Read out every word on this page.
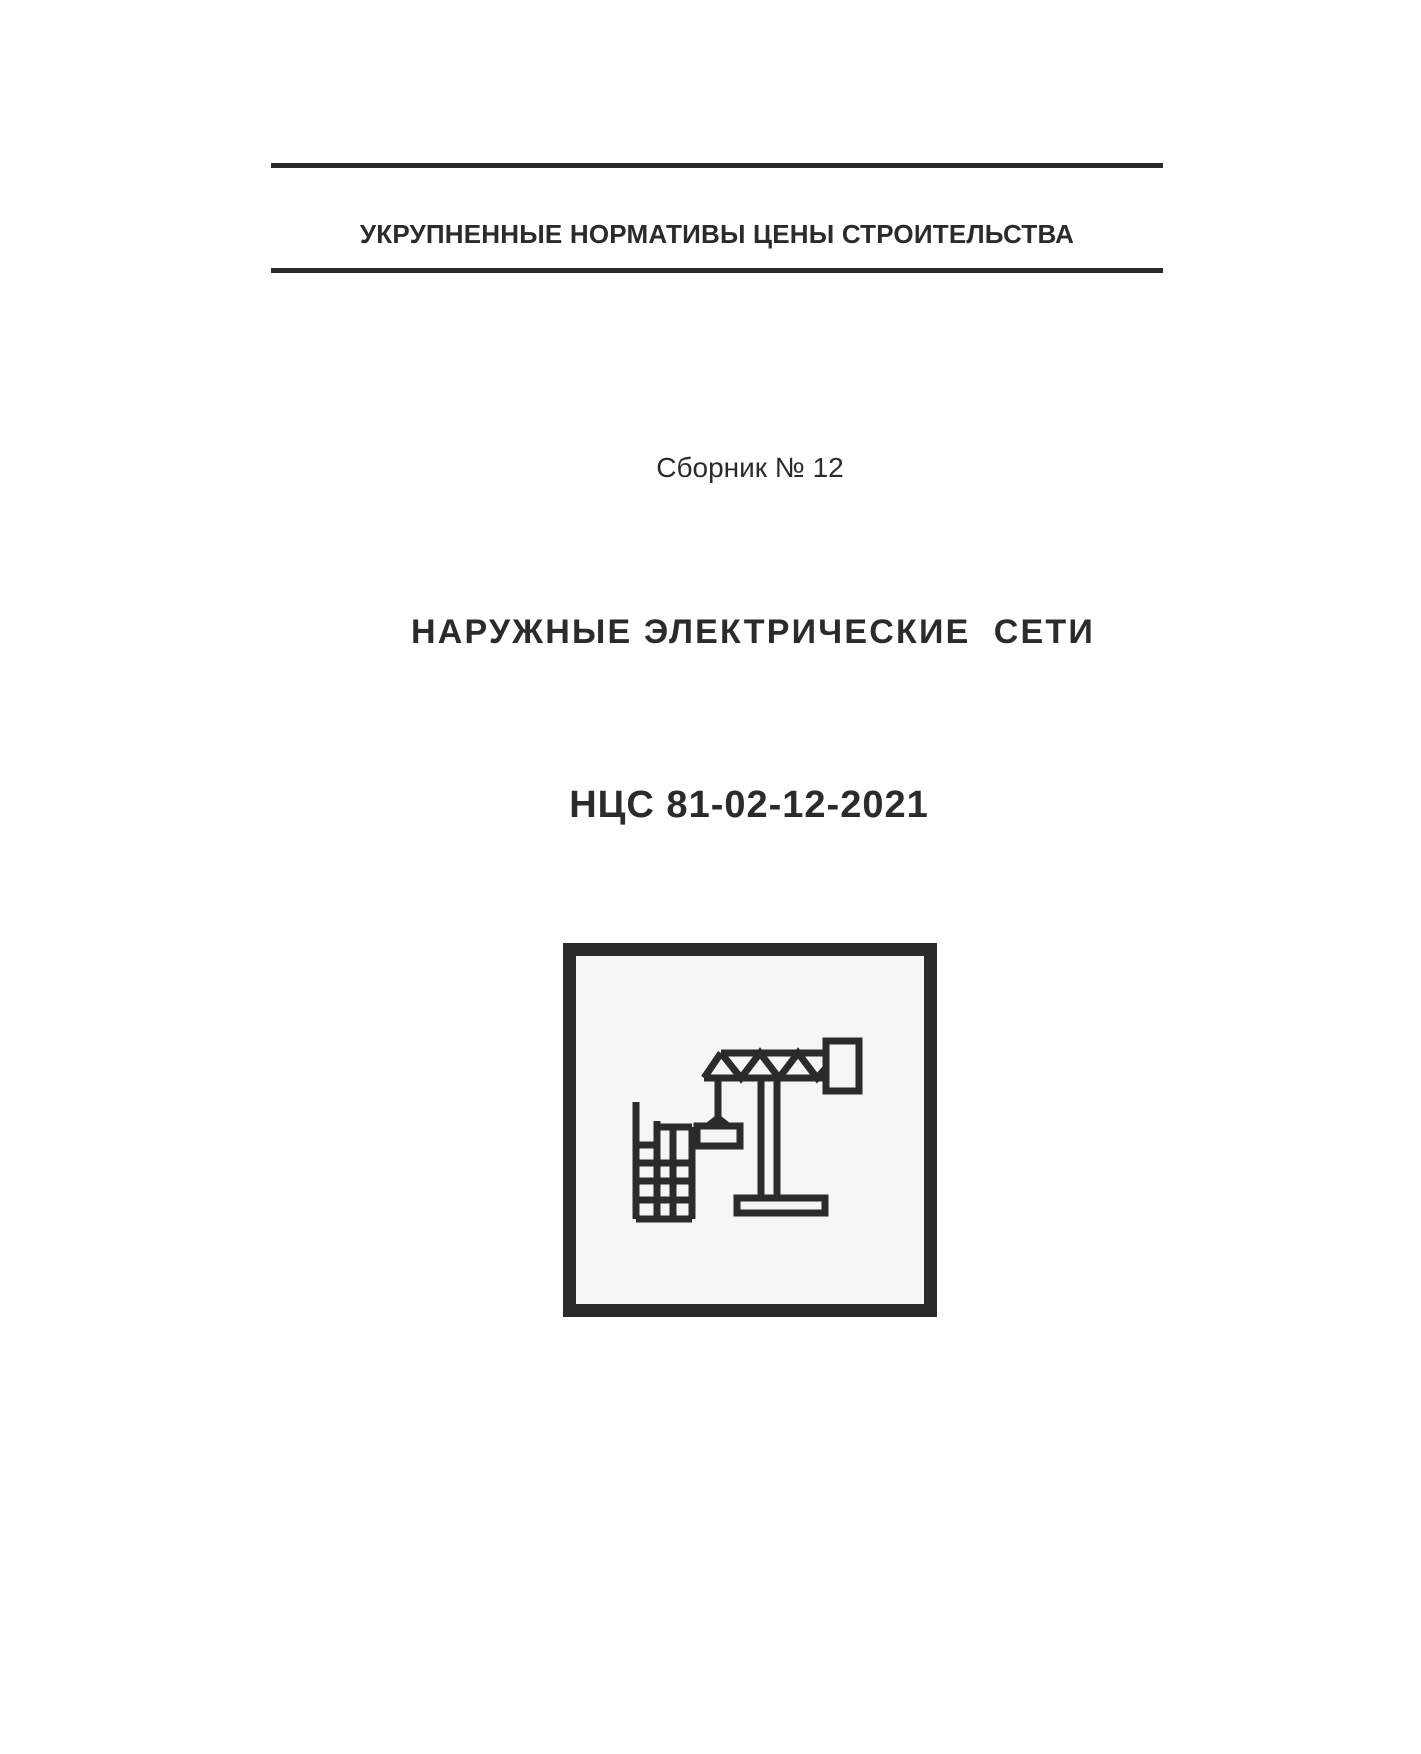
УКРУПНЕННЫЕ НОРМАТИВЫ ЦЕНЫ СТРОИТЕЛЬСТВА
Сборник № 12
НАРУЖНЫЕ ЭЛЕКТРИЧЕСКИЕ  СЕТИ
НЦС 81-02-12-2021
